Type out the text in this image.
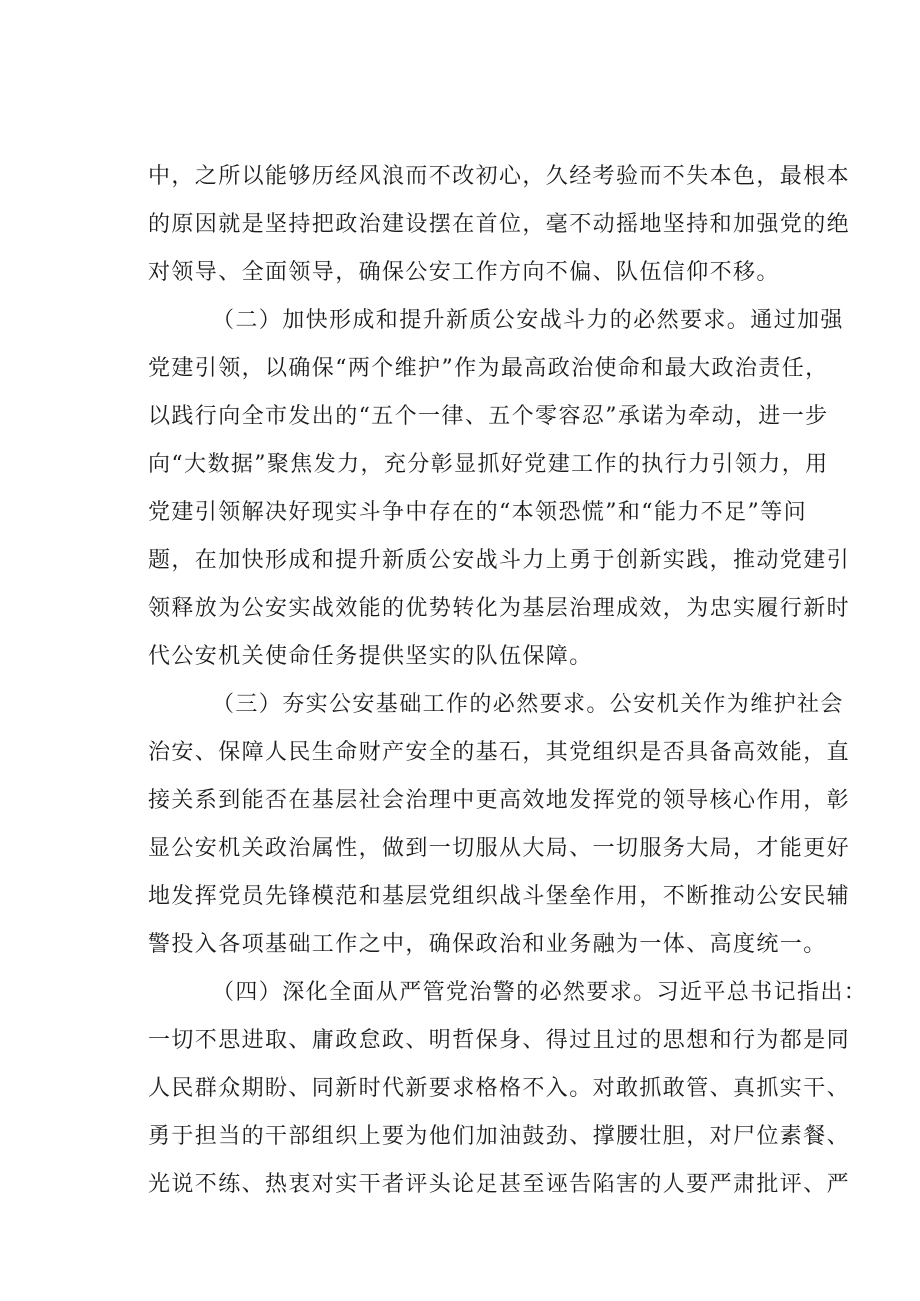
中，之所以能够历经风浪而不改初心，久经考验而不失本色，最根本
的原因就是坚持把政治建设摆在首位，毫不动摇地坚持和加强党的绝
对领导、全面领导，确保公安工作方向不偏、队伍信仰不移。
（二）加快形成和提升新质公安战斗力的必然要求。通过加强
党建引领，以确保“两个维护”作为最高政治使命和最大政治责任，
以践行向全市发出的“五个一律、五个零容忍”承诺为牵动，进一步
向“大数据”聚焦发力，充分彰显抓好党建工作的执行力引领力，用
党建引领解决好现实斗争中存在的“本领恐慌”和“能力不足”等问
题，在加快形成和提升新质公安战斗力上勇于创新实践，推动党建引
领释放为公安实战效能的优势转化为基层治理成效，为忠实履行新时
代公安机关使命任务提供坚实的队伍保障。
（三）夯实公安基础工作的必然要求。公安机关作为维护社会
治安、保障人民生命财产安全的基石，其党组织是否具备高效能，直
接关系到能否在基层社会治理中更高效地发挥党的领导核心作用，彰
显公安机关政治属性，做到一切服从大局、一切服务大局，才能更好
地发挥党员先锋模范和基层党组织战斗堡垒作用，不断推动公安民辅
警投入各项基础工作之中，确保政治和业务融为一体、高度统一。
（四）深化全面从严管党治警的必然要求。习近平总书记指出：
一切不思进取、庸政怠政、明哲保身、得过且过的思想和行为都是同
人民群众期盼、同新时代新要求格格不入。对敢抓敢管、真抓实干、
勇于担当的干部组织上要为他们加油鼓劲、撑腰壮胆，对尸位素餐、
光说不练、热衷对实干者评头论足甚至诬告陷害的人要严肃批评、严
